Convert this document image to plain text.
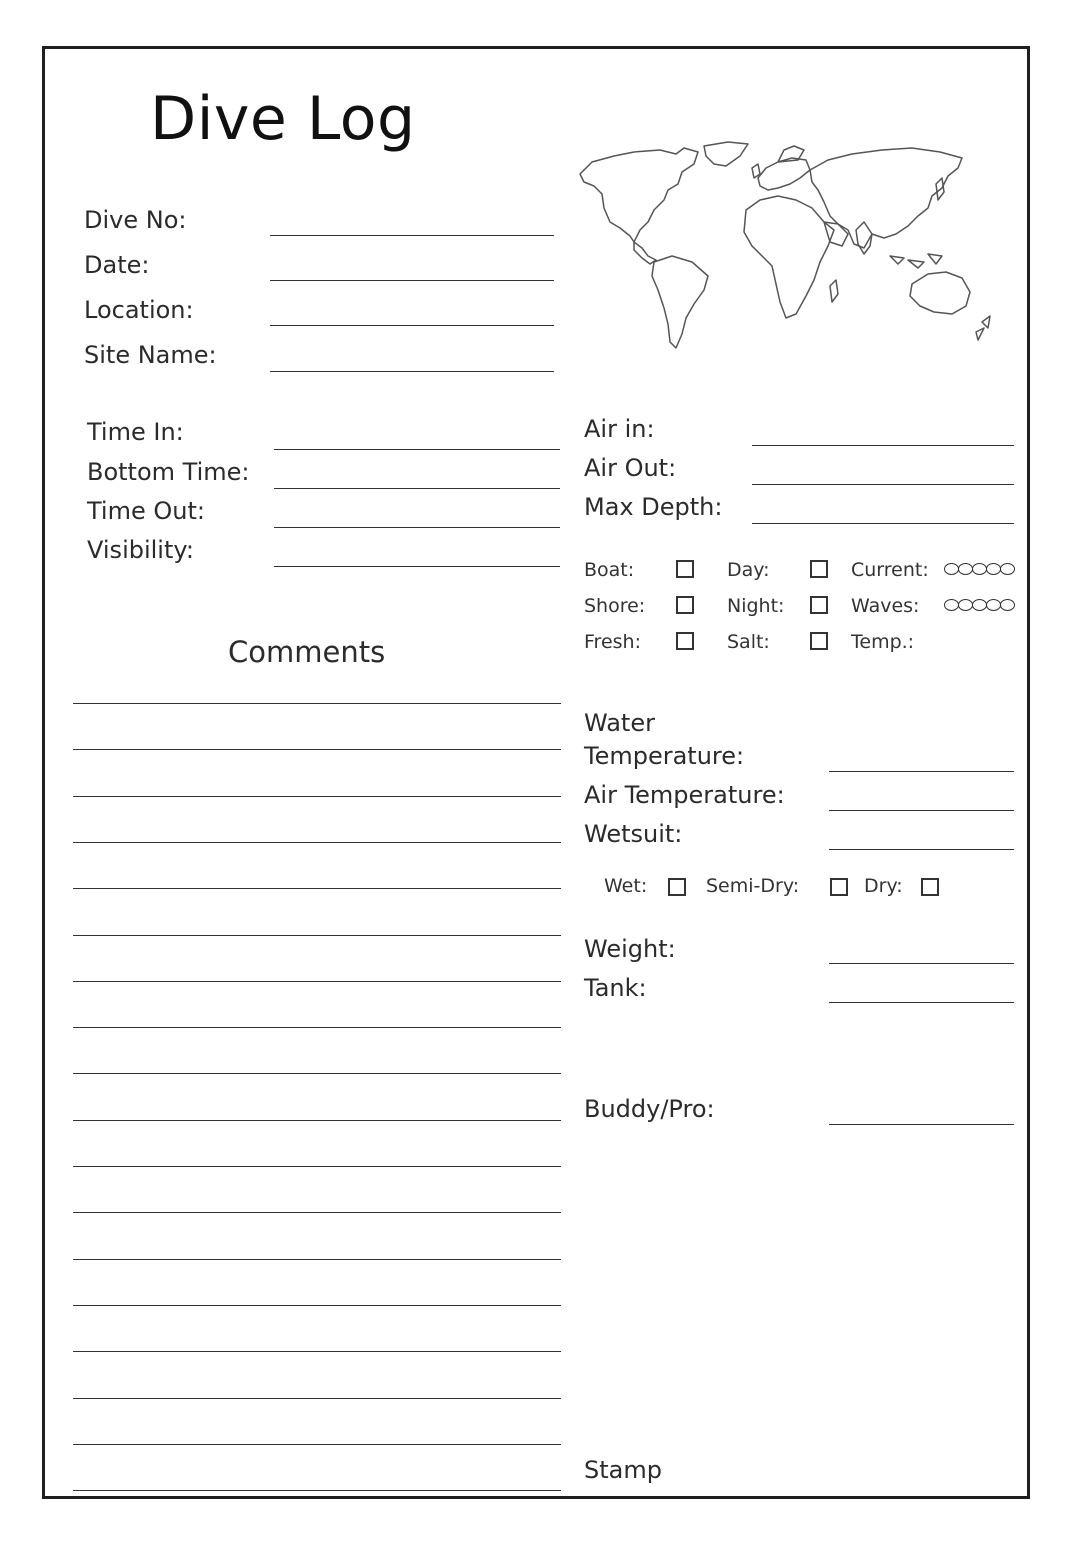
Dive Log
Dive No:
Date:
Location:
Site Name:
Time In:
Bottom Time:
Time Out:
Visibility:
Air in:
Air Out:
Max Depth:
Boat:	Day:	Current:
Shore:	Night:	Waves:
Fresh:	Salt:	Temp.:
Comments
Water
Temperature:
Air Temperature:
Wetsuit:
Wet:	Semi-Dry:	Dry:
Weight:
Tank:
Buddy/Pro:
Stamp
